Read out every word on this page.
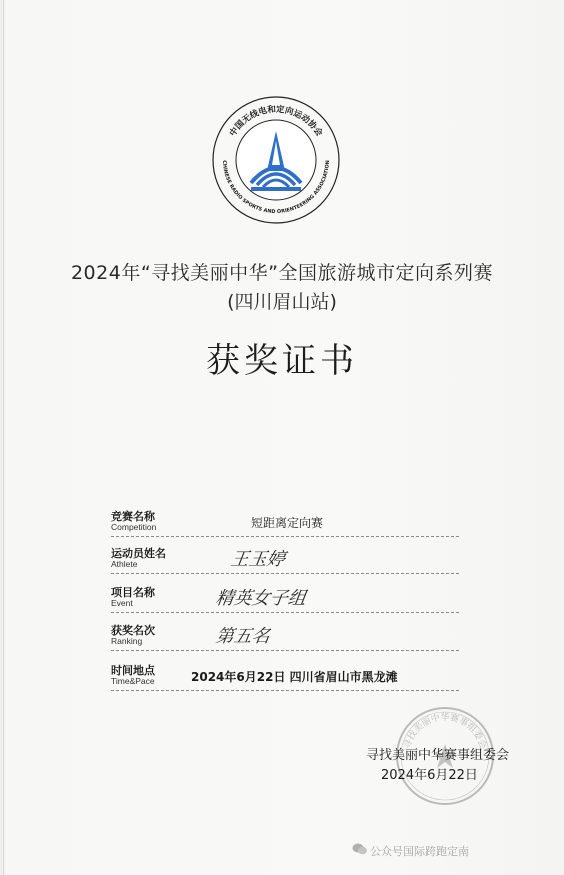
中国无线电和定向运动协会
CHINESE RADIO SPORTS AND ORIENTEERING ASSOCIATION
2024年“寻找美丽中华”全国旅游城市定向系列赛
(四川眉山站)
获奖证书
竞赛名称
Competition	短距离定向赛
运动员姓名
Athlete	王玉婷
项目名称
Event	精英女子组
获奖名次
Ranking	第五名
时间地点
Time&Pace	2024年6月22日 四川省眉山市黑龙滩
寻找美丽中华赛事组委会
寻找美丽中华赛事组委会
2024年6月22日
公众号国际跨跑定南
